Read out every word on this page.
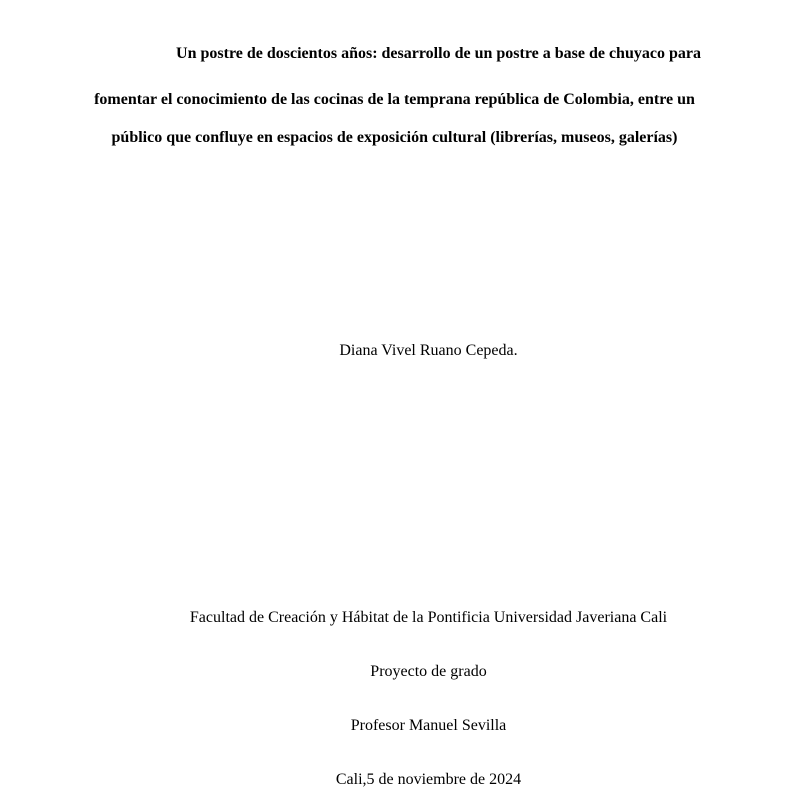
Un postre de doscientos años: desarrollo de un postre a base de chuyaco para
fomentar el conocimiento de las cocinas de la temprana república de Colombia, entre un
público que confluye en espacios de exposición cultural (librerías, museos, galerías)
Diana Vivel Ruano Cepeda.
Facultad de Creación y Hábitat de la Pontificia Universidad Javeriana Cali
Proyecto de grado
Profesor Manuel Sevilla
Cali,5 de noviembre de 2024
